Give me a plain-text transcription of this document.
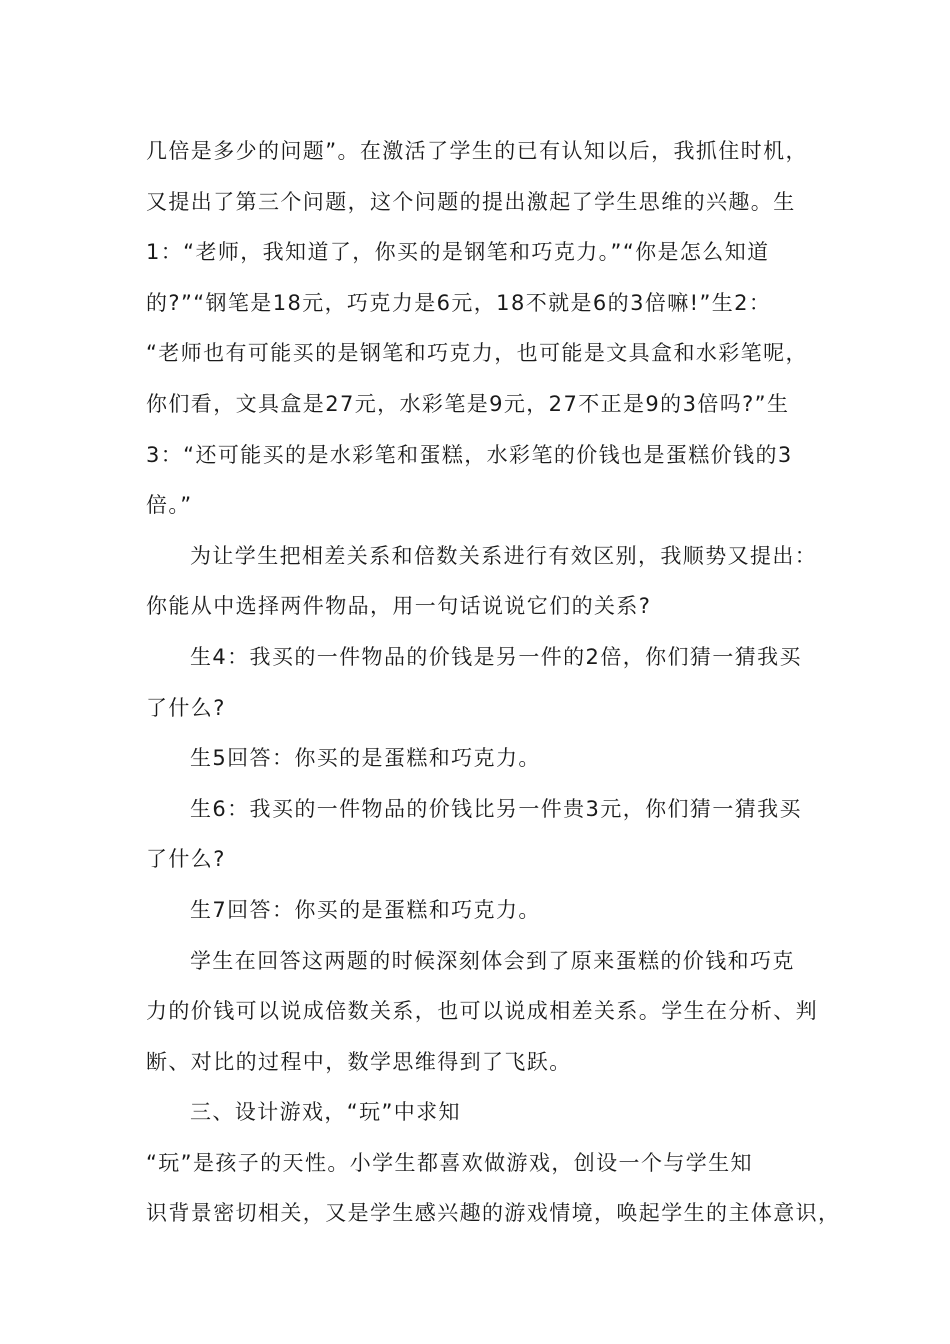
几倍是多少的问题”。在激活了学生的已有认知以后，我抓住时机，
又提出了第三个问题，这个问题的提出激起了学生思维的兴趣。生
1：“老师，我知道了，你买的是钢笔和巧克力。”“你是怎么知道
的?”“钢笔是18元，巧克力是6元，18不就是6的3倍嘛!”生2：
“老师也有可能买的是钢笔和巧克力，也可能是文具盒和水彩笔呢，
你们看，文具盒是27元，水彩笔是9元，27不正是9的3倍吗?”生
3：“还可能买的是水彩笔和蛋糕，水彩笔的价钱也是蛋糕价钱的3
倍。”
为让学生把相差关系和倍数关系进行有效区别，我顺势又提出：
你能从中选择两件物品，用一句话说说它们的关系?
生4：我买的一件物品的价钱是另一件的2倍，你们猜一猜我买
了什么?
生5回答：你买的是蛋糕和巧克力。
生6：我买的一件物品的价钱比另一件贵3元，你们猜一猜我买
了什么?
生7回答：你买的是蛋糕和巧克力。
学生在回答这两题的时候深刻体会到了原来蛋糕的价钱和巧克
力的价钱可以说成倍数关系，也可以说成相差关系。学生在分析、判
断、对比的过程中，数学思维得到了飞跃。
三、设计游戏，“玩”中求知
“玩”是孩子的天性。小学生都喜欢做游戏，创设一个与学生知
识背景密切相关，又是学生感兴趣的游戏情境，唤起学生的主体意识，
